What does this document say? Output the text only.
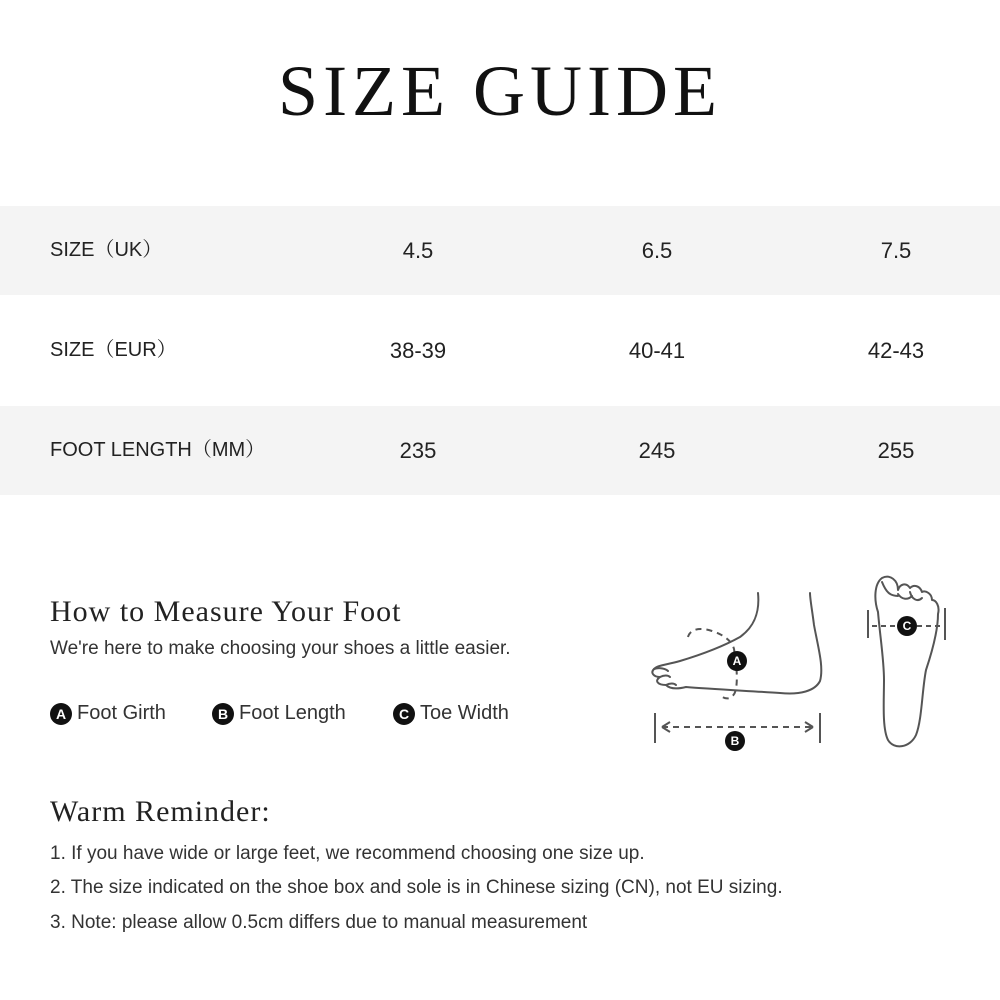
SIZE GUIDE
SIZE（UK）	4.5	6.5	7.5
SIZE（EUR）	38-39	40-41	42-43
FOOT LENGTH（MM）	235	245	255
How to Measure Your Foot
We're here to make choosing your shoes a little easier.
A Foot Girth	B Foot Length	C Toe Width
A
B
C
Warm Reminder:
1. If you have wide or large feet, we recommend choosing one size up.
2. The size indicated on the shoe box and sole is in Chinese sizing (CN), not EU sizing.
3. Note: please allow 0.5cm differs due to manual measurement
